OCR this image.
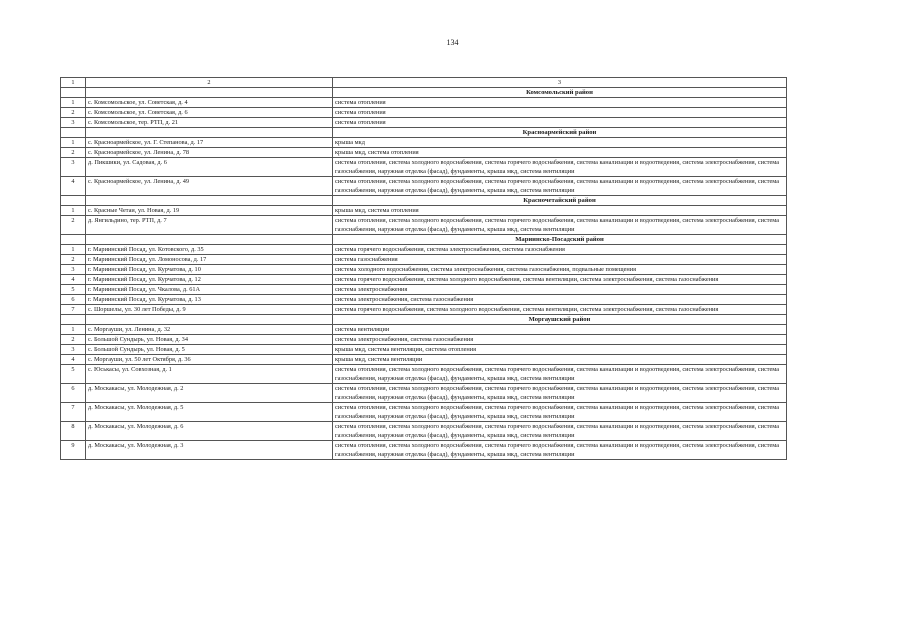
134
1	2	3
		Комсомольский район
1	с. Комсомольское, ул. Советская, д. 4	система отопления
2	с. Комсомольское, ул. Советская, д. 6	система отопления
3	с. Комсомольское, тер. РТП, д. 21	система отопления
		Красноармейский район
1	с. Красноармейское, ул. Г. Степанова, д. 17	крыша мкд
2	с. Красноармейское, ул. Ленина, д. 78	крыша мкд, система отопления
3	д. Пикшики, ул. Садовая, д. 6	система отопления, система холодного водоснабжения, система горячего водоснабжения, система канализации и водоотведения, система электроснабжения, система газоснабжения, наружная отделка (фасад), фундаменты, крыша мкд, система вентиляции
4	с. Красноармейское, ул. Ленина, д. 49	система отопления, система холодного водоснабжения, система горячего водоснабжения, система канализации и водоотведения, система электроснабжения, система газоснабжения, наружная отделка (фасад), фундаменты, крыша мкд, система вентиляции
		Красночетайский район
1	с. Красные Четаи, ул. Новая, д. 19	крыша мкд, система отопления
2	д. Янгильдино, тер. РТП, д. 7	система отопления, система холодного водоснабжения, система горячего водоснабжения, система канализации и водоотведения, система электроснабжения, система газоснабжения, наружная отделка (фасад), фундаменты, крыша мкд, система вентиляции
		Мариинско-Посадский район
1	г. Мариинский Посад, ул. Котовского, д. 35	система горячего водоснабжения, система электроснабжения, система газоснабжения
2	г. Мариинский Посад, ул. Ломоносова, д. 17	система газоснабжения
3	г. Мариинский Посад, ул. Курчатова, д. 10	система холодного водоснабжения, система электроснабжения, система газоснабжения, подвальные помещения
4	г. Мариинский Посад, ул. Курчатова, д. 12	система горячего водоснабжения, система холодного водоснабжения, система вентиляции, система электроснабжения, система газоснабжения
5	г. Мариинский Посад, ул. Чкалова, д. 61А	система электроснабжения
6	г. Мариинский Посад, ул. Курчатова, д. 13	система электроснабжения, система газоснабжения
7	с. Шоршелы, ул. 30 лет Победы, д. 9	система горячего водоснабжения, система холодного водоснабжения, система вентиляции, система электроснабжения, система газоснабжения
		Моргаушский район
1	с. Моргауши, ул. Ленина, д. 32	система вентиляции
2	с. Большой Сундырь, ул. Новая, д. 34	система электроснабжения, система газоснабжения
3	с. Большой Сундырь, ул. Новая, д. 5	крыша мкд, система вентиляции, система отопления
4	с. Моргауши, ул. 50 лет Октября, д. 36	крыша мкд, система вентиляции
5	с. Юськасы, ул. Совхозная, д. 1	система отопления, система холодного водоснабжения, система горячего водоснабжения, система канализации и водоотведения, система электроснабжения, система газоснабжения, наружная отделка (фасад), фундаменты, крыша мкд, система вентиляции
6	д. Москакасы, ул. Молодежная, д. 2	система отопления, система холодного водоснабжения, система горячего водоснабжения, система канализации и водоотведения, система электроснабжения, система газоснабжения, наружная отделка (фасад), фундаменты, крыша мкд, система вентиляции
7	д. Москакасы, ул. Молодежная, д. 5	система отопления, система холодного водоснабжения, система горячего водоснабжения, система канализации и водоотведения, система электроснабжения, система газоснабжения, наружная отделка (фасад), фундаменты, крыша мкд, система вентиляции
8	д. Москакасы, ул. Молодежная, д. 6	система отопления, система холодного водоснабжения, система горячего водоснабжения, система канализации и водоотведения, система электроснабжения, система газоснабжения, наружная отделка (фасад), фундаменты, крыша мкд, система вентиляции
9	д. Москакасы, ул. Молодежная, д. 3	система отопления, система холодного водоснабжения, система горячего водоснабжения, система канализации и водоотведения, система электроснабжения, система газоснабжения, наружная отделка (фасад), фундаменты, крыша мкд, система вентиляции
